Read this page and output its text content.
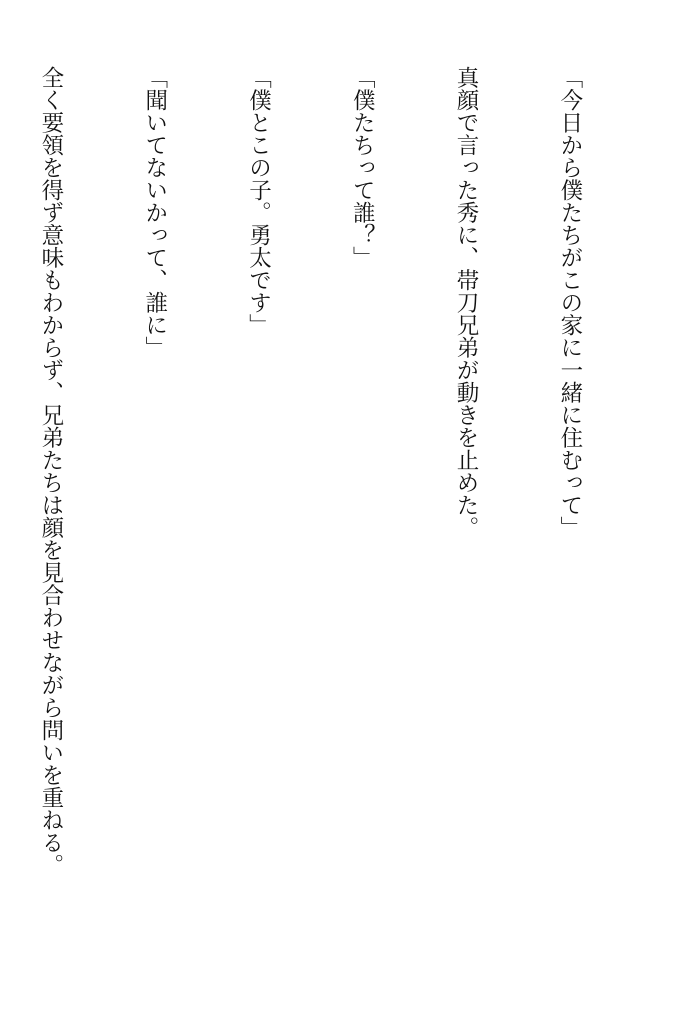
「今日から僕たちがこの家に一緒に住むって」

真顔で言った秀に、帯刀兄弟が動きを止めた。

「僕たちって誰？」

「僕とこの子。勇太です」

「聞いてないかって、誰に」

全く要領を得ず意味もわからず、兄弟たちは顔を見合わせながら問いを重ねる。
